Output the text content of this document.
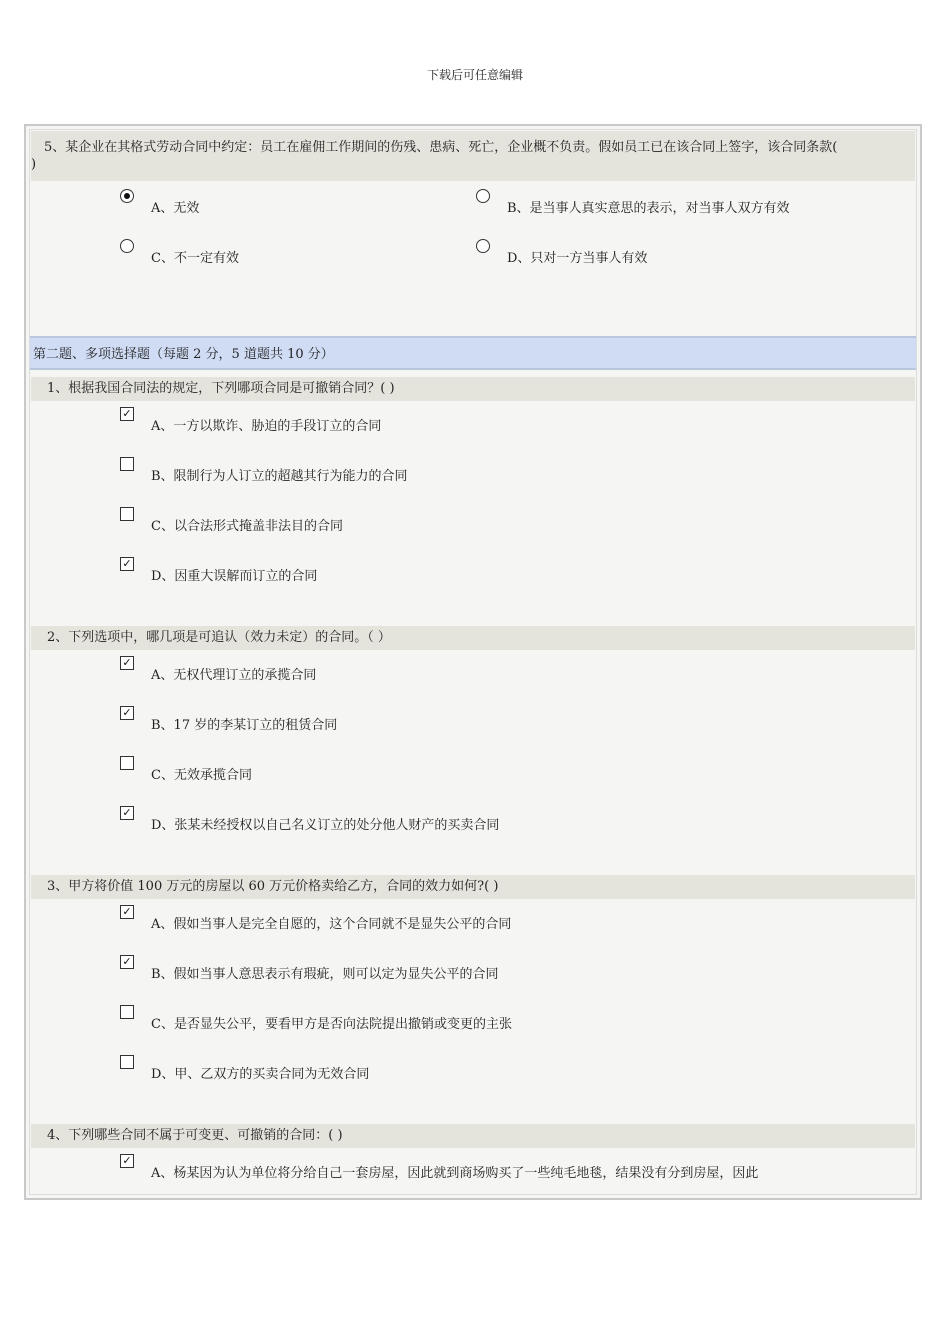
下载后可任意编辑
5、某企业在其格式劳动合同中约定：员工在雇佣工作期间的伤残、患病、死亡，企业概不负责。假如员工已在该合同上签字，该合同条款(
)
A、无效	B、是当事人真实意思的表示，对当事人双方有效
C、不一定有效	D、只对一方当事人有效
第二题、多项选择题（每题 2 分，5 道题共 10 分）
1、根据我国合同法的规定，下列哪项合同是可撤销合同？( )
✓
A、一方以欺诈、胁迫的手段订立的合同
B、限制行为人订立的超越其行为能力的合同
C、以合法形式掩盖非法目的合同
✓
D、因重大误解而订立的合同
2、下列选项中，哪几项是可追认（效力未定）的合同。（ ）
✓
A、无权代理订立的承揽合同
✓
B、17 岁的李某订立的租赁合同
C、无效承揽合同
✓
D、张某未经授权以自己名义订立的处分他人财产的买卖合同
3、甲方将价值 100 万元的房屋以 60 万元价格卖给乙方，合同的效力如何?( )
✓
A、假如当事人是完全自愿的，这个合同就不是显失公平的合同
✓
B、假如当事人意思表示有瑕疵，则可以定为显失公平的合同
C、是否显失公平，要看甲方是否向法院提出撤销或变更的主张
D、甲、乙双方的买卖合同为无效合同
4、下列哪些合同不属于可变更、可撤销的合同：( )
✓
A、杨某因为认为单位将分给自己一套房屋，因此就到商场购买了一些纯毛地毯，结果没有分到房屋，因此
